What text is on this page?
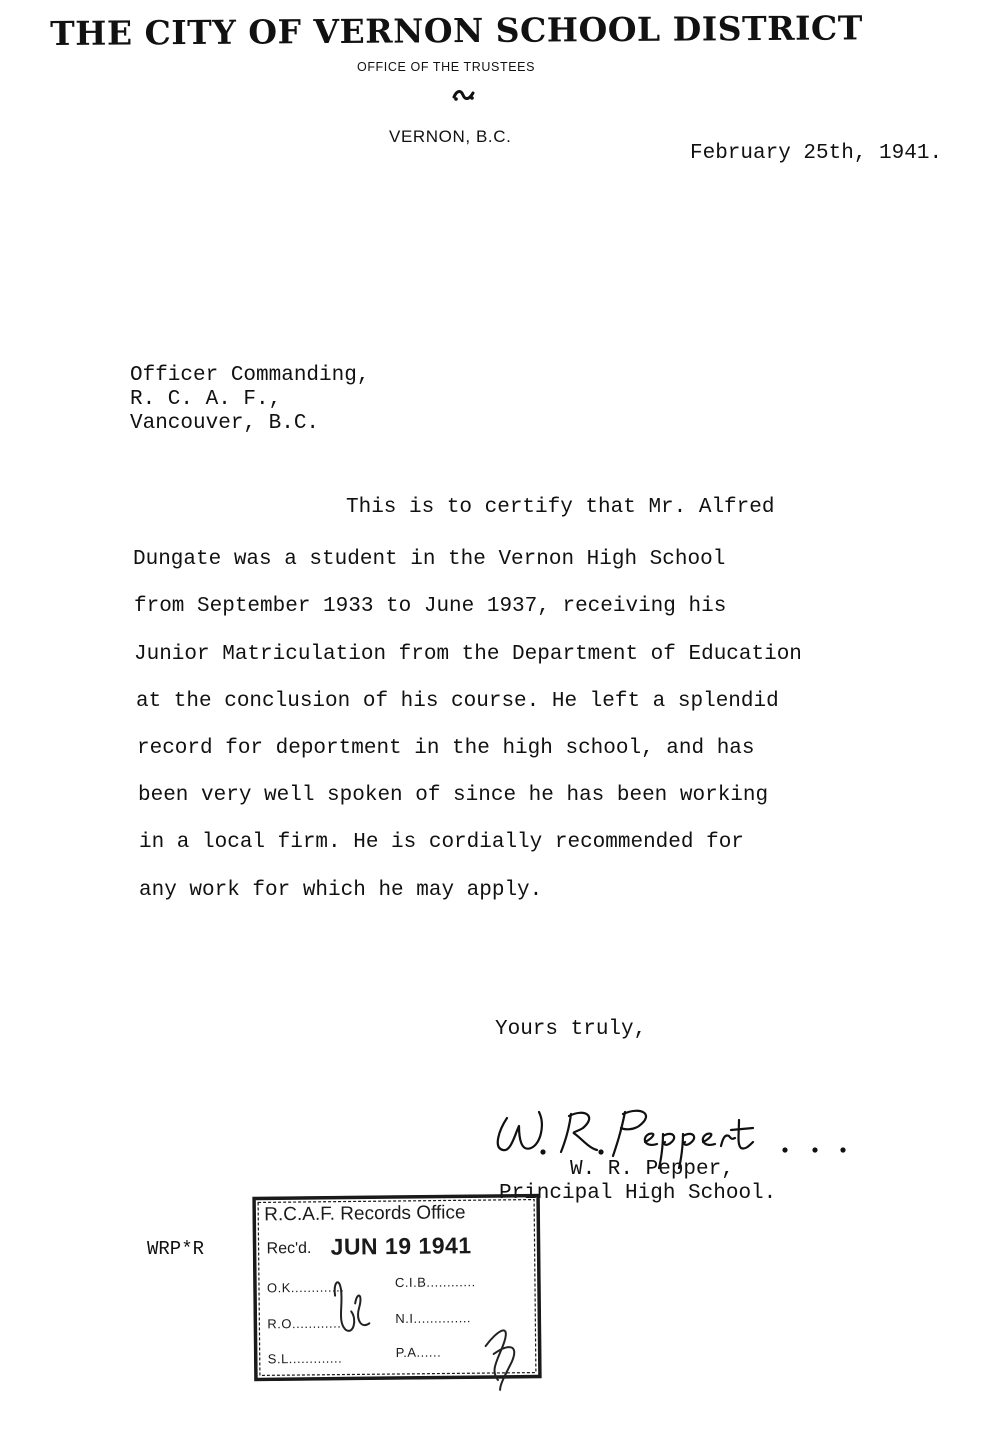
THE CITY OF VERNON SCHOOL DISTRICT
OFFICE OF THE TRUSTEES
VERNON, B.C.
February 25th, 1941.
Officer Commanding,
R. C. A. F.,
Vancouver, B.C.
This is to certify that Mr. Alfred
Dungate was a student in the Vernon High School
from September 1933 to June 1937, receiving his
Junior Matriculation from the Department of Education
at the conclusion of his course. He left a splendid
record for deportment in the high school, and has
been very well spoken of since he has been working
in a local firm. He is cordially recommended for
any work for which he may apply.
Yours truly,
W. R. Pepper,
Principal High School.
WRP*R
R.C.A.F. Records Office
Rec'd. JUN 19 1941
O.K.............	C.I.B............
R.O.............	N.I..............
S.L.............	P.A......
